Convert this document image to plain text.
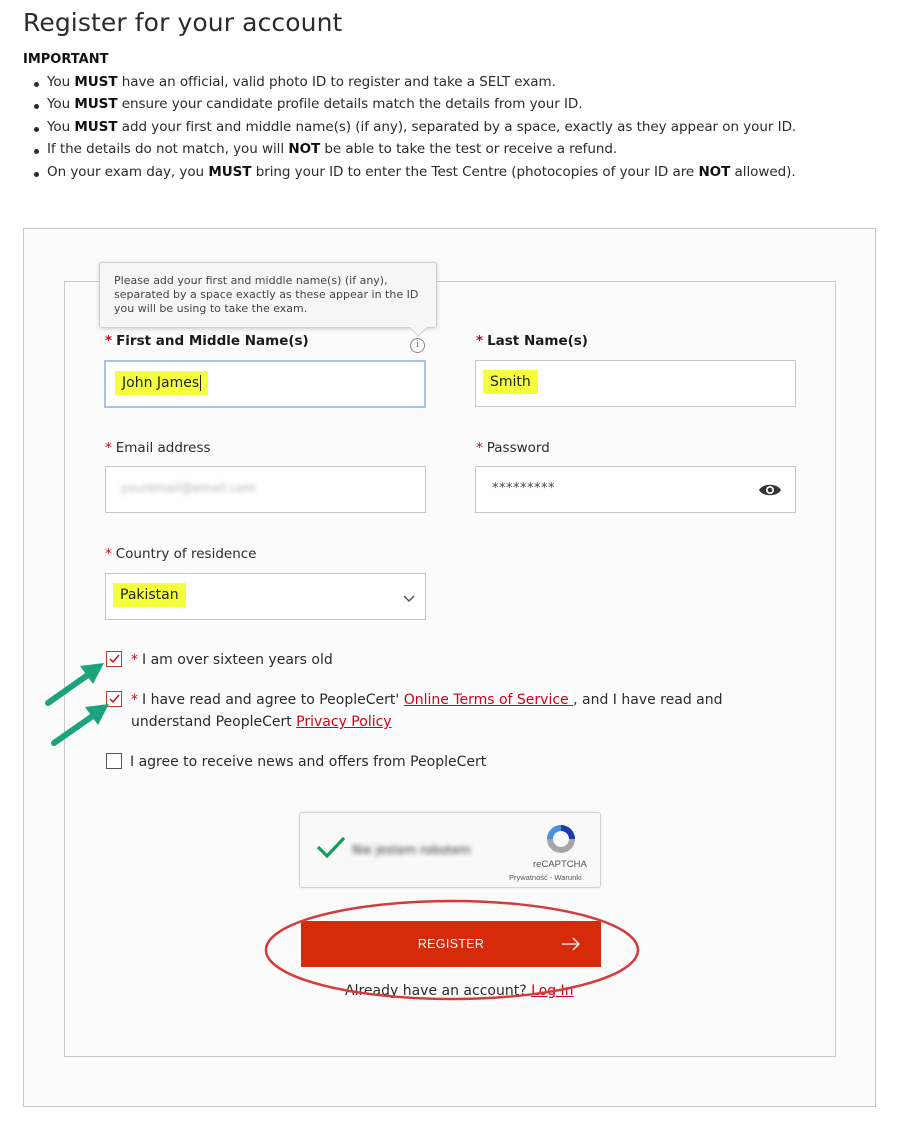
Register for your account
IMPORTANT
You MUST have an official, valid photo ID to register and take a SELT exam.
You MUST ensure your candidate profile details match the details from your ID.
You MUST add your first and middle name(s) (if any), separated by a space, exactly as they appear on your ID.
If the details do not match, you will NOT be able to take the test or receive a refund.
On your exam day, you MUST bring your ID to enter the Test Centre (photocopies of your ID are NOT allowed).
* First and Middle Name(s)	i
John James
* Last Name(s)
Smith
* Email address
youremail@email.com
* Password
*********
* Country of residence
Pakistan
Please add your first and middle name(s) (if any), separated by a space exactly as these appear in the ID you will be using to take the exam.
* I am over sixteen years old
* I have read and agree to PeopleCert' Online Terms of Service , and I have read and understand PeopleCert Privacy Policy
I agree to receive news and offers from PeopleCert
Nie jestem robotem
reCAPTCHA
Prywatność - Warunki
REGISTER
Already have an account? Log In
